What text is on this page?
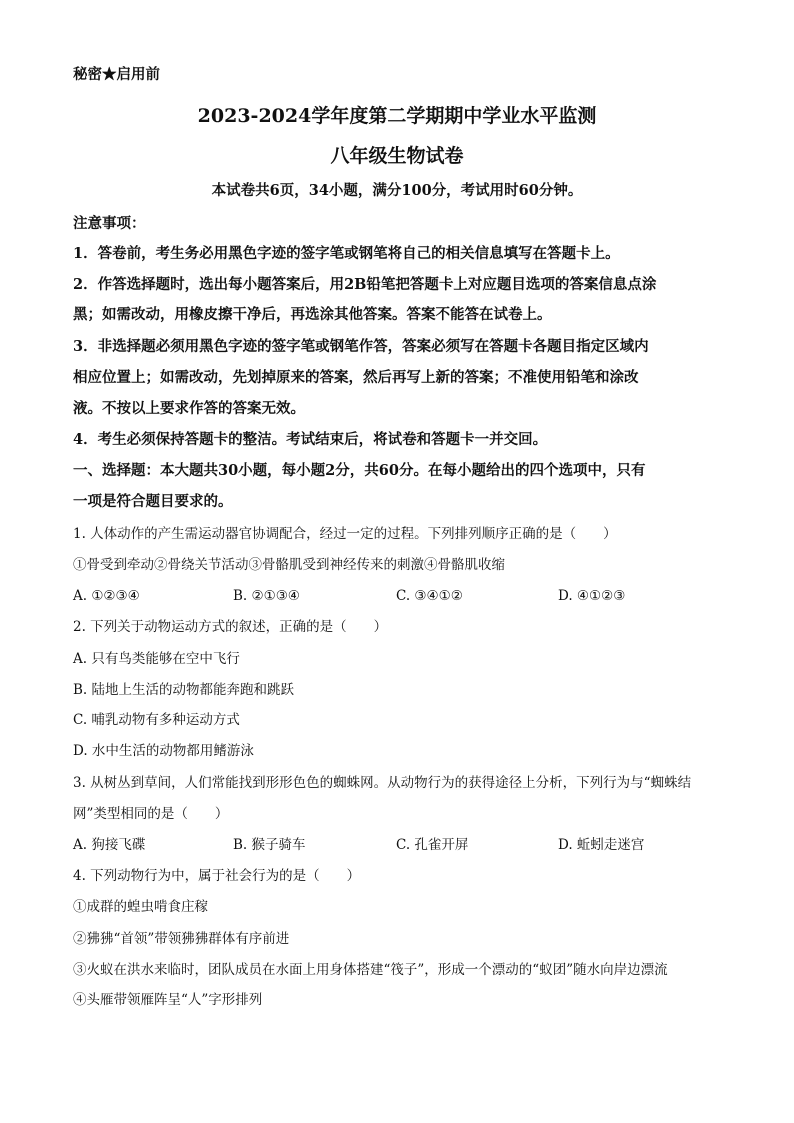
秘密★启用前
2023-2024学年度第二学期期中学业水平监测
八年级生物试卷
本试卷共6页，34小题，满分100分，考试用时60分钟。
注意事项：
1．答卷前，考生务必用黑色字迹的签字笔或钢笔将自己的相关信息填写在答题卡上。
2．作答选择题时，选出每小题答案后，用2B铅笔把答题卡上对应题目选项的答案信息点涂
黑；如需改动，用橡皮擦干净后，再选涂其他答案。答案不能答在试卷上。
3．非选择题必须用黑色字迹的签字笔或钢笔作答，答案必须写在答题卡各题目指定区域内
相应位置上；如需改动，先划掉原来的答案，然后再写上新的答案；不准使用铅笔和涂改
液。不按以上要求作答的答案无效。
4．考生必须保持答题卡的整洁。考试结束后，将试卷和答题卡一并交回。
一、选择题：本大题共30小题，每小题2分，共60分。在每小题给出的四个选项中，只有
一项是符合题目要求的。
1. 人体动作的产生需运动器官协调配合，经过一定的过程。下列排列顺序正确的是（　　）
①骨受到牵动②骨绕关节活动③骨骼肌受到神经传来的刺激④骨骼肌收缩
A. ①②③④	B. ②①③④	C. ③④①②	D. ④①②③
2. 下列关于动物运动方式的叙述，正确的是（　　）
A. 只有鸟类能够在空中飞行
B. 陆地上生活的动物都能奔跑和跳跃
C. 哺乳动物有多种运动方式
D. 水中生活的动物都用鳍游泳
3. 从树丛到草间，人们常能找到形形色色的蜘蛛网。从动物行为的获得途径上分析，下列行为与“蜘蛛结
网”类型相同的是（　　）
A. 狗接飞碟	B. 猴子骑车	C. 孔雀开屏	D. 蚯蚓走迷宫
4. 下列动物行为中，属于社会行为的是（　　）
①成群的蝗虫啃食庄稼
②狒狒“首领”带领狒狒群体有序前进
③火蚁在洪水来临时，团队成员在水面上用身体搭建“筏子”，形成一个漂动的“蚁团”随水向岸边漂流
④头雁带领雁阵呈“人”字形排列
